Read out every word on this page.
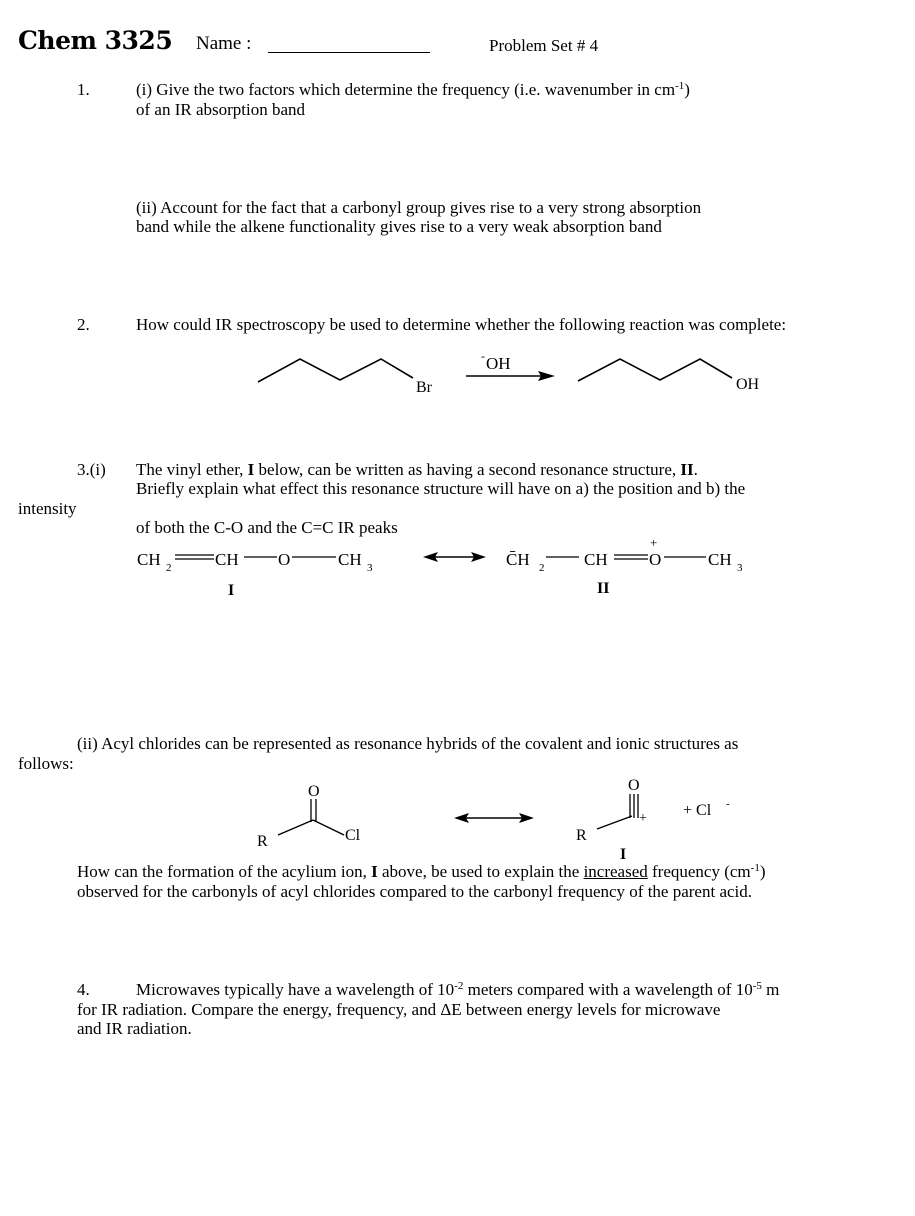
Chem 3325 Name :	Problem Set # 4
1.	(i) Give the two factors which determine the frequency (i.e. wavenumber in $cm^{-1}$)
of an IR absorption band
(ii) Account for the fact that a carbonyl group gives rise to a very strong absorption
band while the alkene functionality gives rise to a very weak absorption band
2.	How could IR spectroscopy be used to determine whether the following reaction was complete:
Br
- OH
OH
3.(i) The vinyl ether, I below, can be written as having a second resonance structure, II.
Briefly explain what effect this resonance structure will have on a) the position and b) the
intensity
of both the C-O and the C=C IR peaks
CH 2	CH O	CH 3
I
C̄H 2 CH O
+
CH 3
II
(ii) Acyl chlorides can be represented as resonance hybrids of the covalent and ionic structures as
follows:
O
R	Cl
O
+
R
+ Cl -
I
How can the formation of the acylium ion, I above, be used to explain the increased frequency $(cm^{-1})$
observed for the carbonyls of acyl chlorides compared to the carbonyl frequency of the parent acid.
4.	Microwaves typically have a wavelength of $10^{-2}$ meters compared with a wavelength of $10^{-5}$ m
for IR radiation. Compare the energy, frequency, and ΔE between energy levels for microwave
and IR radiation.
